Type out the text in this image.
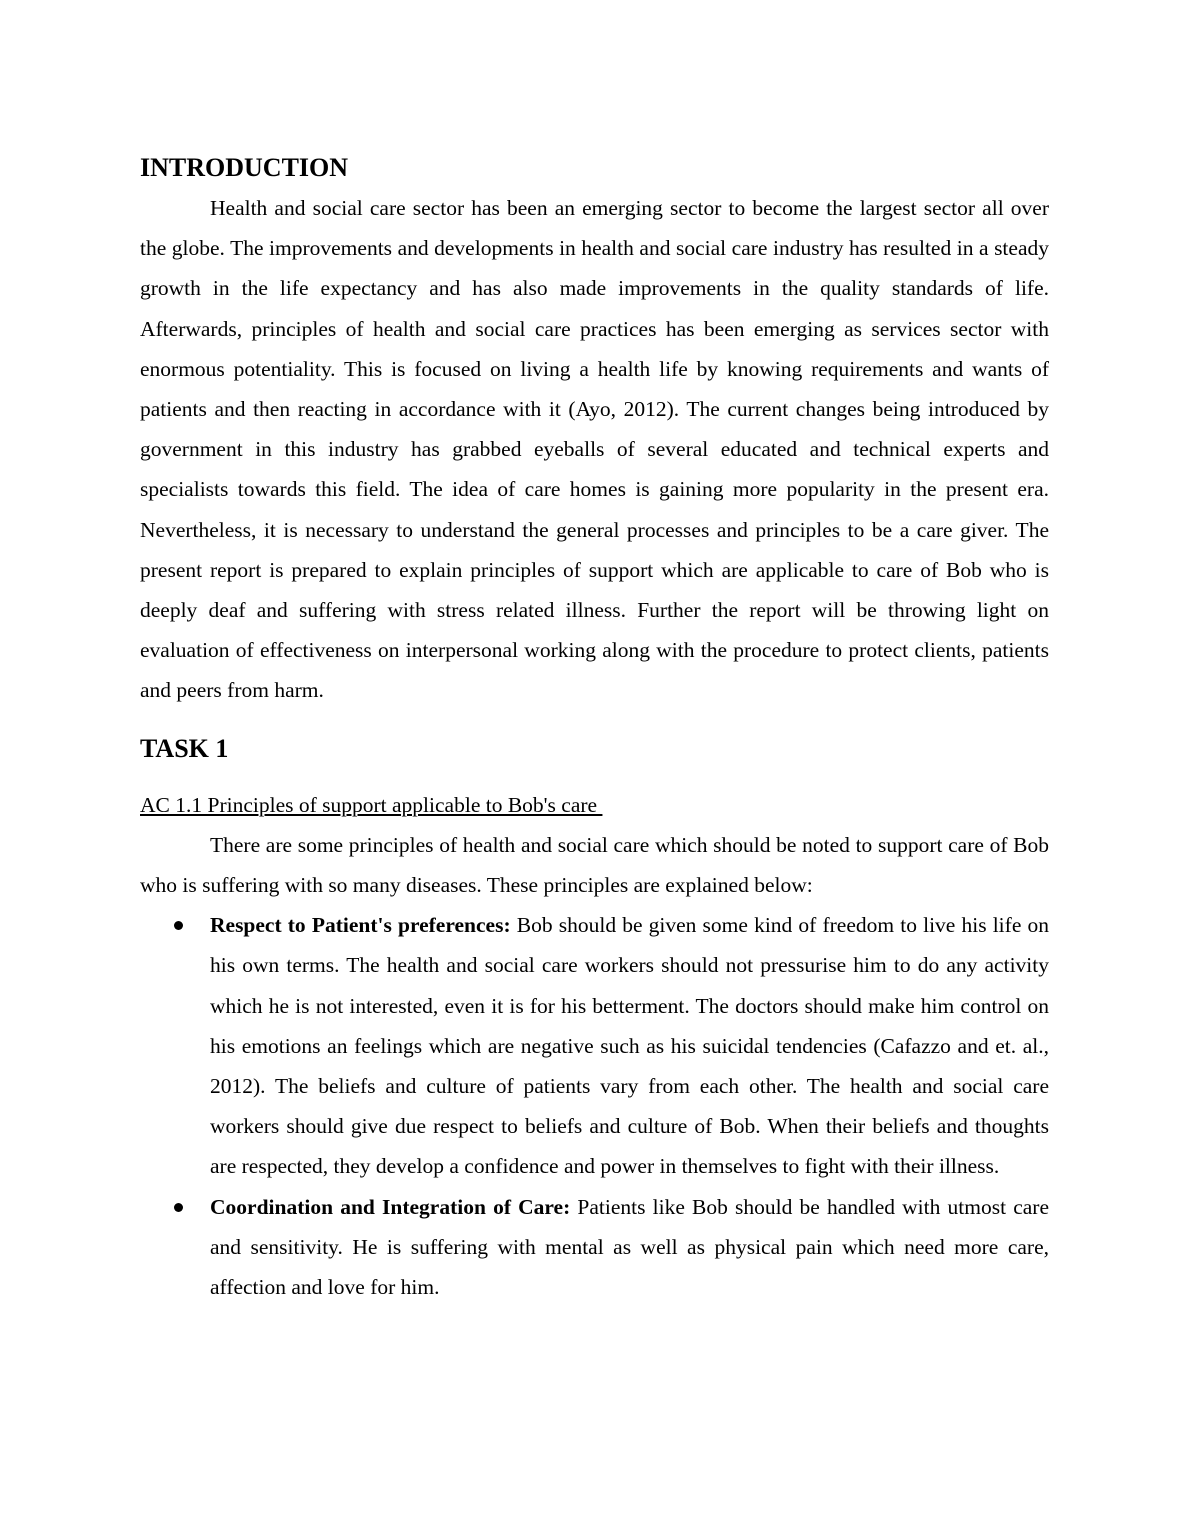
INTRODUCTION

Health and social care sector has been an emerging sector to become the largest sector all over the globe. The improvements and developments in health and social care industry has resulted in a steady growth in the life expectancy and has also made improvements in the quality standards of life. Afterwards, principles of health and social care practices has been emerging as services sector with enormous potentiality. This is focused on living a health life by knowing requirements and wants of patients and then reacting in accordance with it (Ayo, 2012). The current changes being introduced by government in this industry has grabbed eyeballs of several educated and technical experts and specialists towards this field. The idea of care homes is gaining more popularity in the present era. Nevertheless, it is necessary to understand the general processes and principles to be a care giver. The present report is prepared to explain principles of support which are applicable to care of Bob who is deeply deaf and suffering with stress related illness. Further the report will be throwing light on evaluation of effectiveness on interpersonal working along with the procedure to protect clients, patients and peers from harm.

TASK 1
AC 1.1 Principles of support applicable to Bob's care

There are some principles of health and social care which should be noted to support care of Bob who is suffering with so many diseases. These principles are explained below:

Respect to Patient's preferences: Bob should be given some kind of freedom to live his life on his own terms. The health and social care workers should not pressurise him to do any activity which he is not interested, even it is for his betterment. The doctors should make him control on his emotions an feelings which are negative such as his suicidal tendencies (Cafazzo and et. al., 2012). The beliefs and culture of patients vary from each other. The health and social care workers should give due respect to beliefs and culture of Bob. When their beliefs and thoughts are respected, they develop a confidence and power in themselves to fight with their illness.
Coordination and Integration of Care: Patients like Bob should be handled with utmost care and sensitivity. He is suffering with mental as well as physical pain which need more care, affection and love for him.
